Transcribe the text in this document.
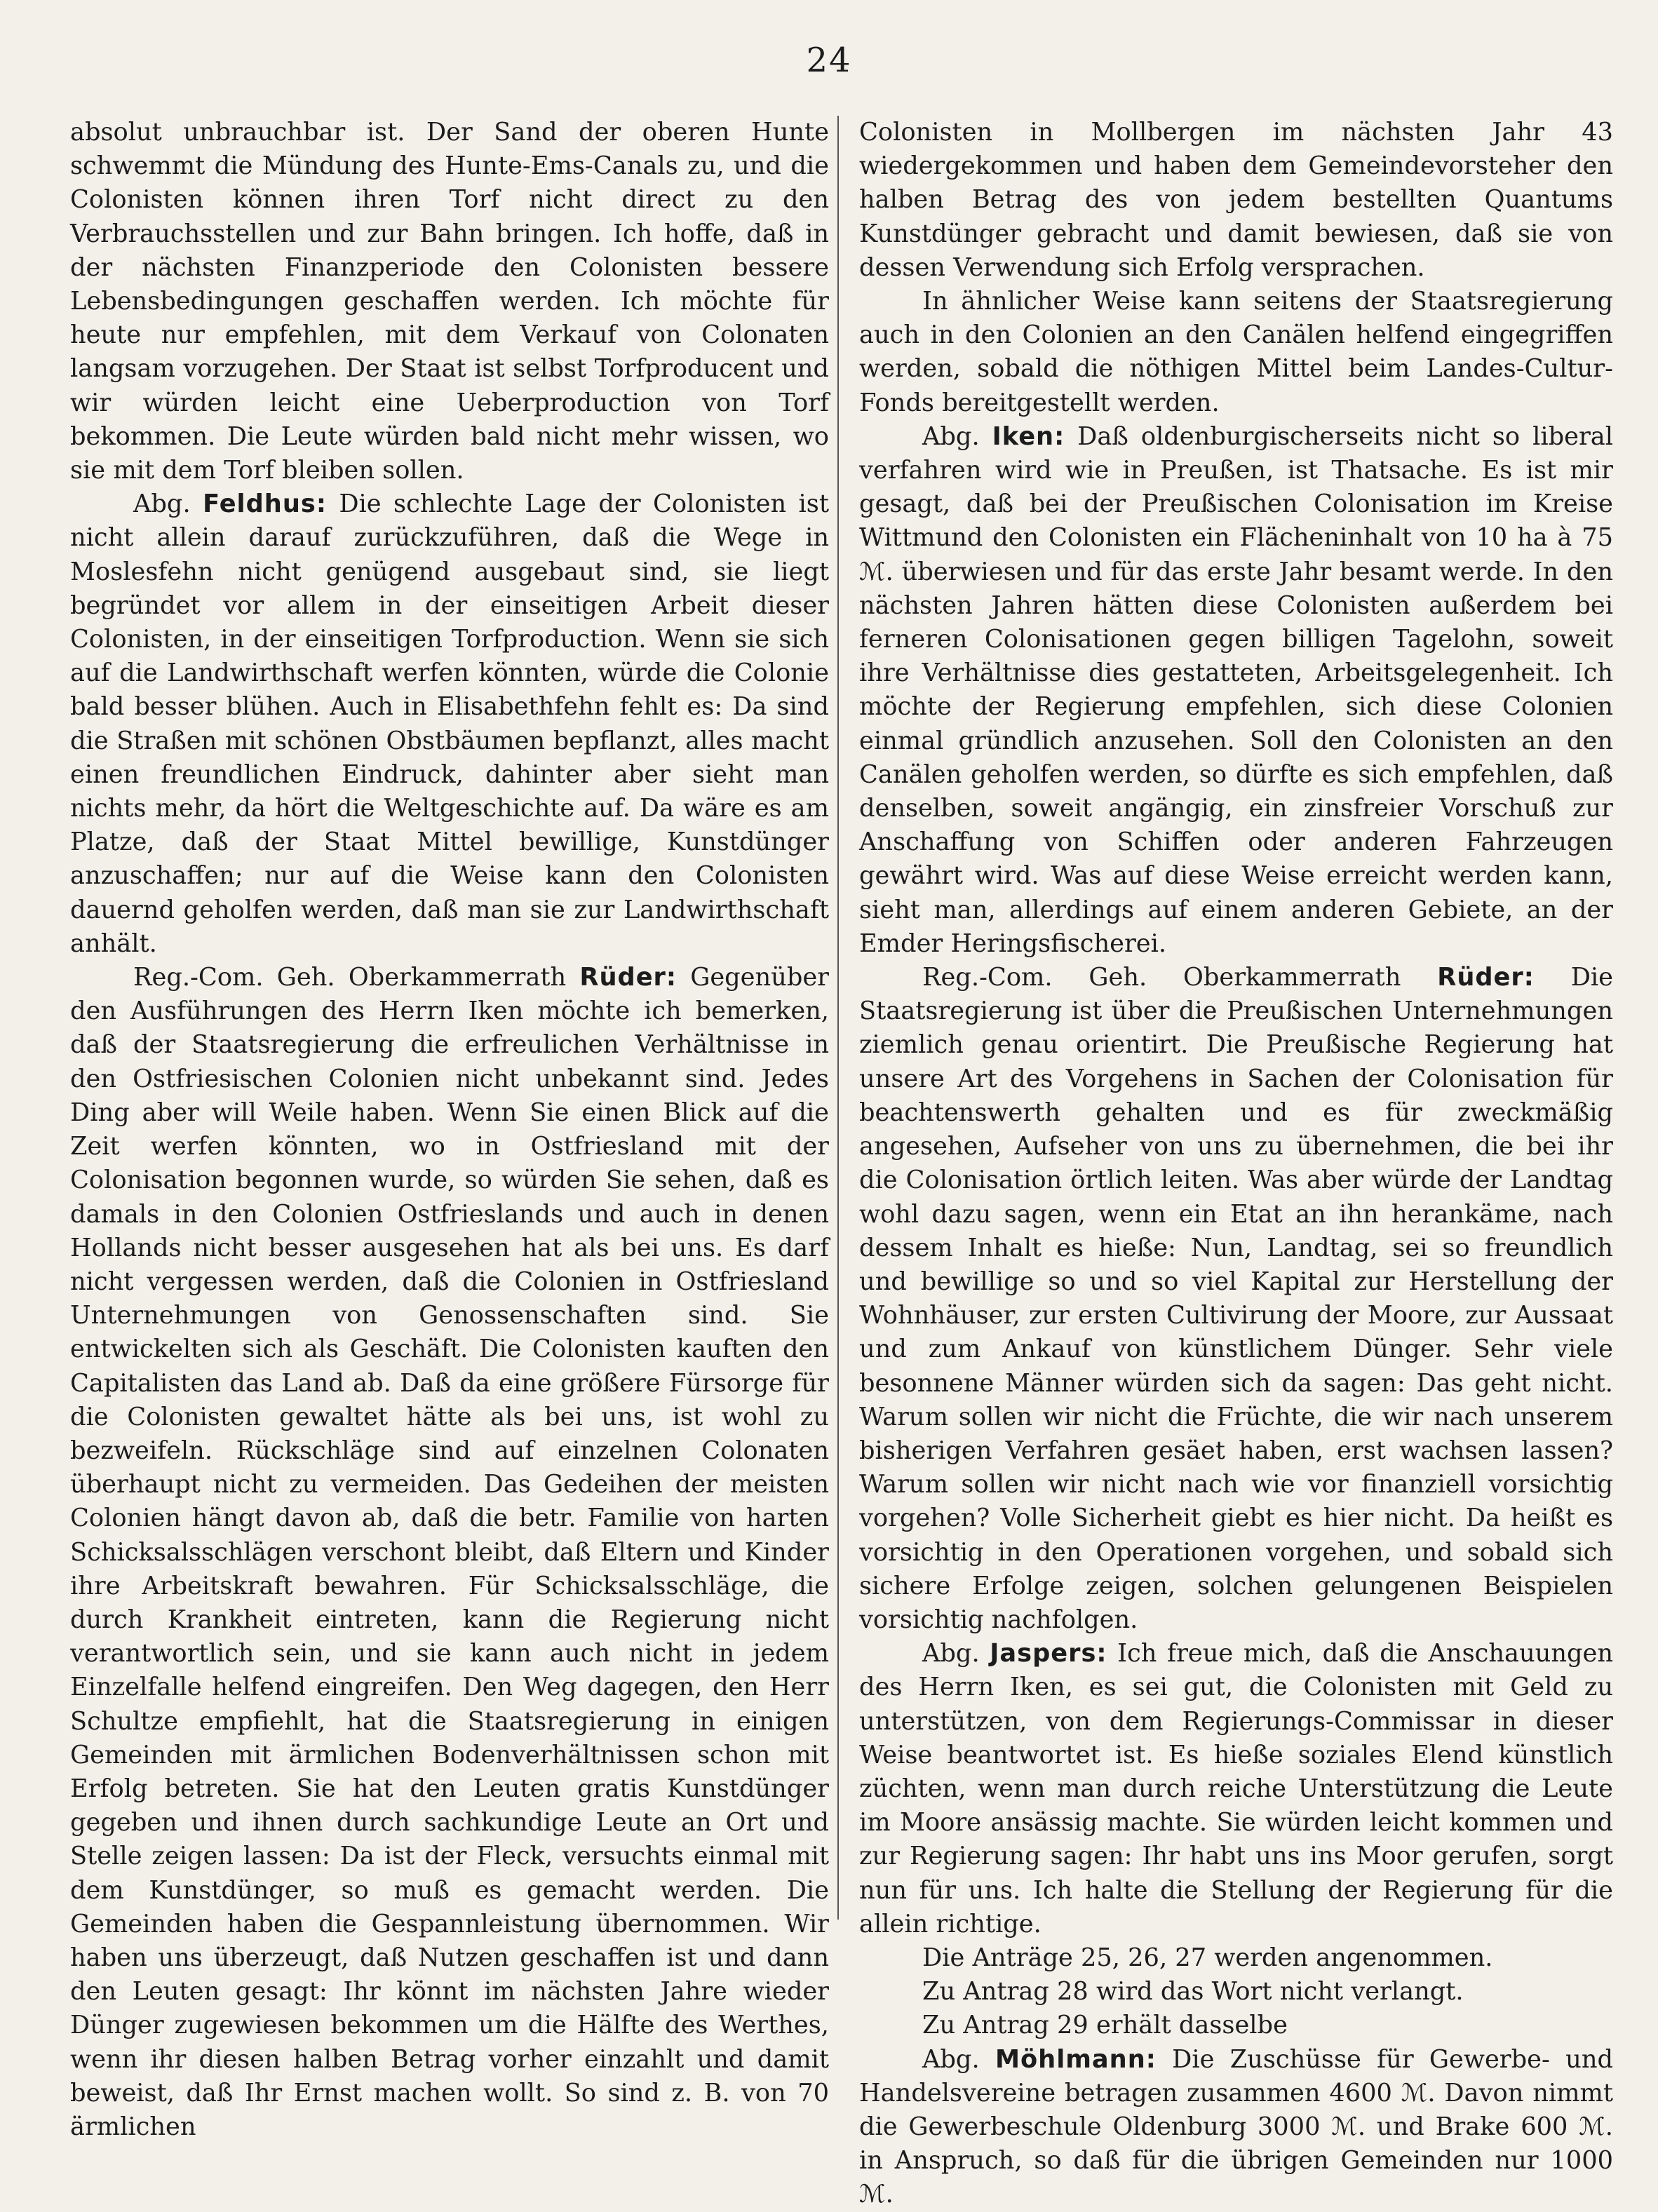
24

absolut unbrauchbar ist. Der Sand der oberen Hunte schwemmt die Mündung des Hunte-Ems-Canals zu, und die Colonisten können ihren Torf nicht direct zu den Verbrauchsstellen und zur Bahn bringen. Ich hoffe, daß in der nächsten Finanzperiode den Colonisten bessere Lebensbedingungen geschaffen werden. Ich möchte für heute nur empfehlen, mit dem Verkauf von Colonaten langsam vorzugehen. Der Staat ist selbst Torfproducent und wir würden leicht eine Ueberproduction von Torf bekommen. Die Leute würden bald nicht mehr wissen, wo sie mit dem Torf bleiben sollen.

Abg. Feldhus: Die schlechte Lage der Colonisten ist nicht allein darauf zurückzuführen, daß die Wege in Moslesfehn nicht genügend ausgebaut sind, sie liegt begründet vor allem in der einseitigen Arbeit dieser Colonisten, in der einseitigen Torfproduction. Wenn sie sich auf die Landwirthschaft werfen könnten, würde die Colonie bald besser blühen. Auch in Elisabethfehn fehlt es: Da sind die Straßen mit schönen Obstbäumen bepflanzt, alles macht einen freundlichen Eindruck, dahinter aber sieht man nichts mehr, da hört die Weltgeschichte auf. Da wäre es am Platze, daß der Staat Mittel bewillige, Kunstdünger anzuschaffen; nur auf die Weise kann den Colonisten dauernd geholfen werden, daß man sie zur Landwirthschaft anhält.

Reg.-Com. Geh. Oberkammerrath Rüder: Gegenüber den Ausführungen des Herrn Iken möchte ich bemerken, daß der Staatsregierung die erfreulichen Verhältnisse in den Ostfriesischen Colonien nicht unbekannt sind. Jedes Ding aber will Weile haben. Wenn Sie einen Blick auf die Zeit werfen könnten, wo in Ostfriesland mit der Colonisation begonnen wurde, so würden Sie sehen, daß es damals in den Colonien Ostfrieslands und auch in denen Hollands nicht besser ausgesehen hat als bei uns. Es darf nicht vergessen werden, daß die Colonien in Ostfriesland Unternehmungen von Genossenschaften sind. Sie entwickelten sich als Geschäft. Die Colonisten kauften den Capitalisten das Land ab. Daß da eine größere Fürsorge für die Colonisten gewaltet hätte als bei uns, ist wohl zu bezweifeln. Rückschläge sind auf einzelnen Colonaten überhaupt nicht zu vermeiden. Das Gedeihen der meisten Colonien hängt davon ab, daß die betr. Familie von harten Schicksalsschlägen verschont bleibt, daß Eltern und Kinder ihre Arbeitskraft bewahren. Für Schicksalsschläge, die durch Krankheit eintreten, kann die Regierung nicht verantwortlich sein, und sie kann auch nicht in jedem Einzelfalle helfend eingreifen. Den Weg dagegen, den Herr Schultze empfiehlt, hat die Staatsregierung in einigen Gemeinden mit ärmlichen Bodenverhältnissen schon mit Erfolg betreten. Sie hat den Leuten gratis Kunstdünger gegeben und ihnen durch sachkundige Leute an Ort und Stelle zeigen lassen: Da ist der Fleck, versuchts einmal mit dem Kunstdünger, so muß es gemacht werden. Die Gemeinden haben die Gespannleistung übernommen. Wir haben uns überzeugt, daß Nutzen geschaffen ist und dann den Leuten gesagt: Ihr könnt im nächsten Jahre wieder Dünger zugewiesen bekommen um die Hälfte des Werthes, wenn ihr diesen halben Betrag vorher einzahlt und damit beweist, daß Ihr Ernst machen wollt. So sind z. B. von 70 ärmlichen

Colonisten in Mollbergen im nächsten Jahr 43 wiedergekommen und haben dem Gemeindevorsteher den halben Betrag des von jedem bestellten Quantums Kunstdünger gebracht und damit bewiesen, daß sie von dessen Verwendung sich Erfolg versprachen.

In ähnlicher Weise kann seitens der Staatsregierung auch in den Colonien an den Canälen helfend eingegriffen werden, sobald die nöthigen Mittel beim Landes-Cultur-Fonds bereitgestellt werden.

Abg. Iken: Daß oldenburgischerseits nicht so liberal verfahren wird wie in Preußen, ist Thatsache. Es ist mir gesagt, daß bei der Preußischen Colonisation im Kreise Wittmund den Colonisten ein Flächeninhalt von 10 ha à 75 ℳ. überwiesen und für das erste Jahr besamt werde. In den nächsten Jahren hätten diese Colonisten außerdem bei ferneren Colonisationen gegen billigen Tagelohn, soweit ihre Verhältnisse dies gestatteten, Arbeitsgelegenheit. Ich möchte der Regierung empfehlen, sich diese Colonien einmal gründlich anzusehen. Soll den Colonisten an den Canälen geholfen werden, so dürfte es sich empfehlen, daß denselben, soweit angängig, ein zinsfreier Vorschuß zur Anschaffung von Schiffen oder anderen Fahrzeugen gewährt wird. Was auf diese Weise erreicht werden kann, sieht man, allerdings auf einem anderen Gebiete, an der Emder Heringsfischerei.

Reg.-Com. Geh. Oberkammerrath Rüder: Die Staatsregierung ist über die Preußischen Unternehmungen ziemlich genau orientirt. Die Preußische Regierung hat unsere Art des Vorgehens in Sachen der Colonisation für beachtenswerth gehalten und es für zweckmäßig angesehen, Aufseher von uns zu übernehmen, die bei ihr die Colonisation örtlich leiten. Was aber würde der Landtag wohl dazu sagen, wenn ein Etat an ihn herankäme, nach dessem Inhalt es hieße: Nun, Landtag, sei so freundlich und bewillige so und so viel Kapital zur Herstellung der Wohnhäuser, zur ersten Cultivirung der Moore, zur Aussaat und zum Ankauf von künstlichem Dünger. Sehr viele besonnene Männer würden sich da sagen: Das geht nicht. Warum sollen wir nicht die Früchte, die wir nach unserem bisherigen Verfahren gesäet haben, erst wachsen lassen? Warum sollen wir nicht nach wie vor finanziell vorsichtig vorgehen? Volle Sicherheit giebt es hier nicht. Da heißt es vorsichtig in den Operationen vorgehen, und sobald sich sichere Erfolge zeigen, solchen gelungenen Beispielen vorsichtig nachfolgen.

Abg. Jaspers: Ich freue mich, daß die Anschauungen des Herrn Iken, es sei gut, die Colonisten mit Geld zu unterstützen, von dem Regierungs-Commissar in dieser Weise beantwortet ist. Es hieße soziales Elend künstlich züchten, wenn man durch reiche Unterstützung die Leute im Moore ansässig machte. Sie würden leicht kommen und zur Regierung sagen: Ihr habt uns ins Moor gerufen, sorgt nun für uns. Ich halte die Stellung der Regierung für die allein richtige.

Die Anträge 25, 26, 27 werden angenommen.

Zu Antrag 28 wird das Wort nicht verlangt.

Zu Antrag 29 erhält dasselbe

Abg. Möhlmann: Die Zuschüsse für Gewerbe- und Handelsvereine betragen zusammen 4600 ℳ. Davon nimmt die Gewerbeschule Oldenburg 3000 ℳ. und Brake 600 ℳ. in Anspruch, so daß für die übrigen Gemeinden nur 1000 ℳ.
